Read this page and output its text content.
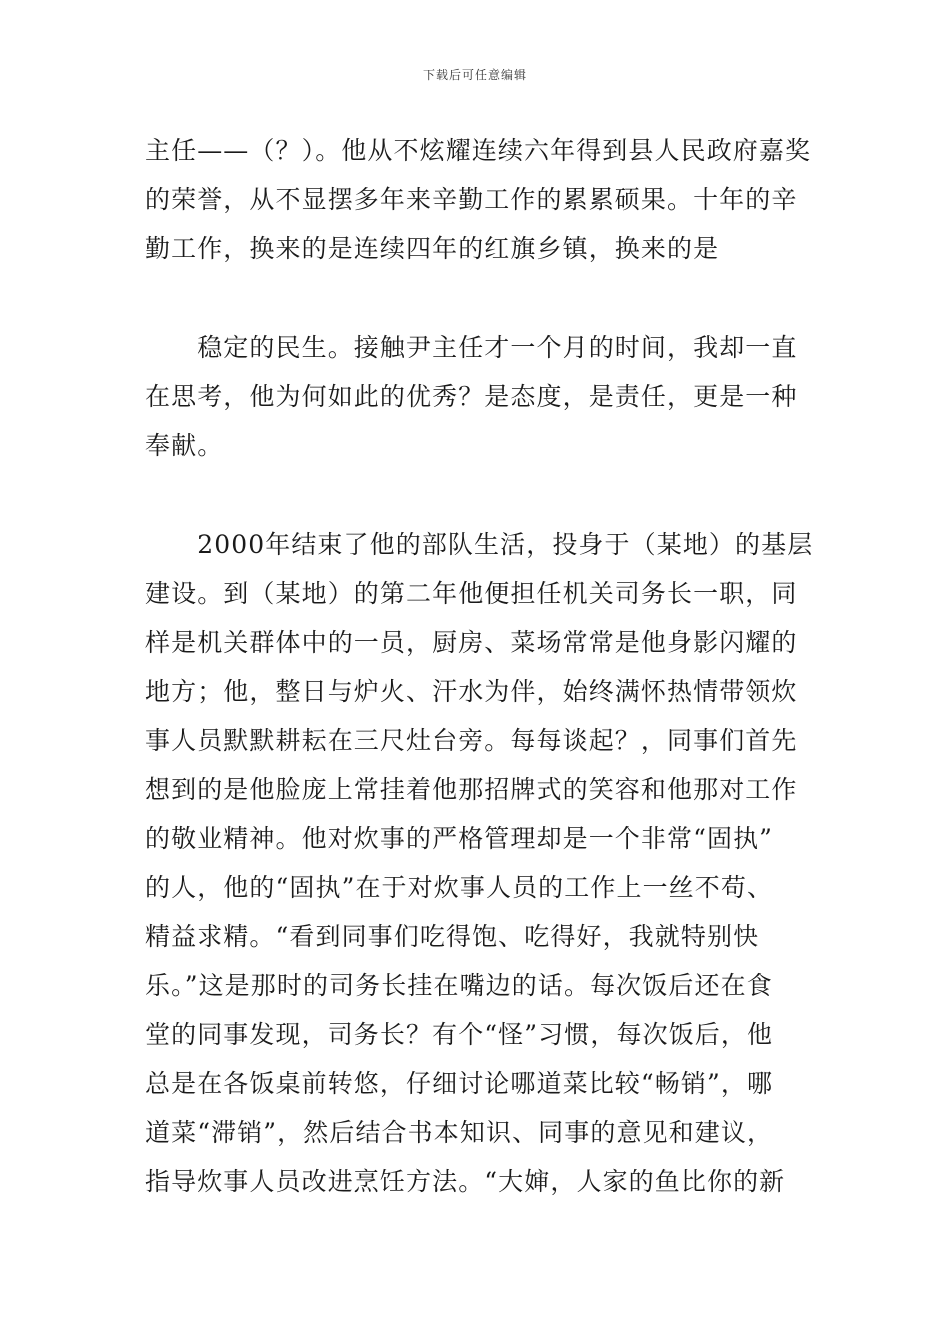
下载后可任意编辑
主任——（？）。他从不炫耀连续六年得到县人民政府嘉奖
的荣誉，从不显摆多年来辛勤工作的累累硕果。十年的辛
勤工作，换来的是连续四年的红旗乡镇，换来的是
　　稳定的民生。接触尹主任才一个月的时间，我却一直
在思考，他为何如此的优秀？是态度，是责任，更是一种
奉献。
　　2000年结束了他的部队生活，投身于（某地）的基层
建设。到（某地）的第二年他便担任机关司务长一职，同
样是机关群体中的一员，厨房、菜场常常是他身影闪耀的
地方；他，整日与炉火、汗水为伴，始终满怀热情带领炊
事人员默默耕耘在三尺灶台旁。每每谈起？，同事们首先
想到的是他脸庞上常挂着他那招牌式的笑容和他那对工作
的敬业精神。他对炊事的严格管理却是一个非常“固执”
的人，他的“固执”在于对炊事人员的工作上一丝不苟、
精益求精。“看到同事们吃得饱、吃得好，我就特别快
乐。”这是那时的司务长挂在嘴边的话。每次饭后还在食
堂的同事发现，司务长？有个“怪”习惯，每次饭后，他
总是在各饭桌前转悠，仔细讨论哪道菜比较“畅销”，哪
道菜“滞销”，然后结合书本知识、同事的意见和建议，
指导炊事人员改进烹饪方法。“大婶，人家的鱼比你的新
